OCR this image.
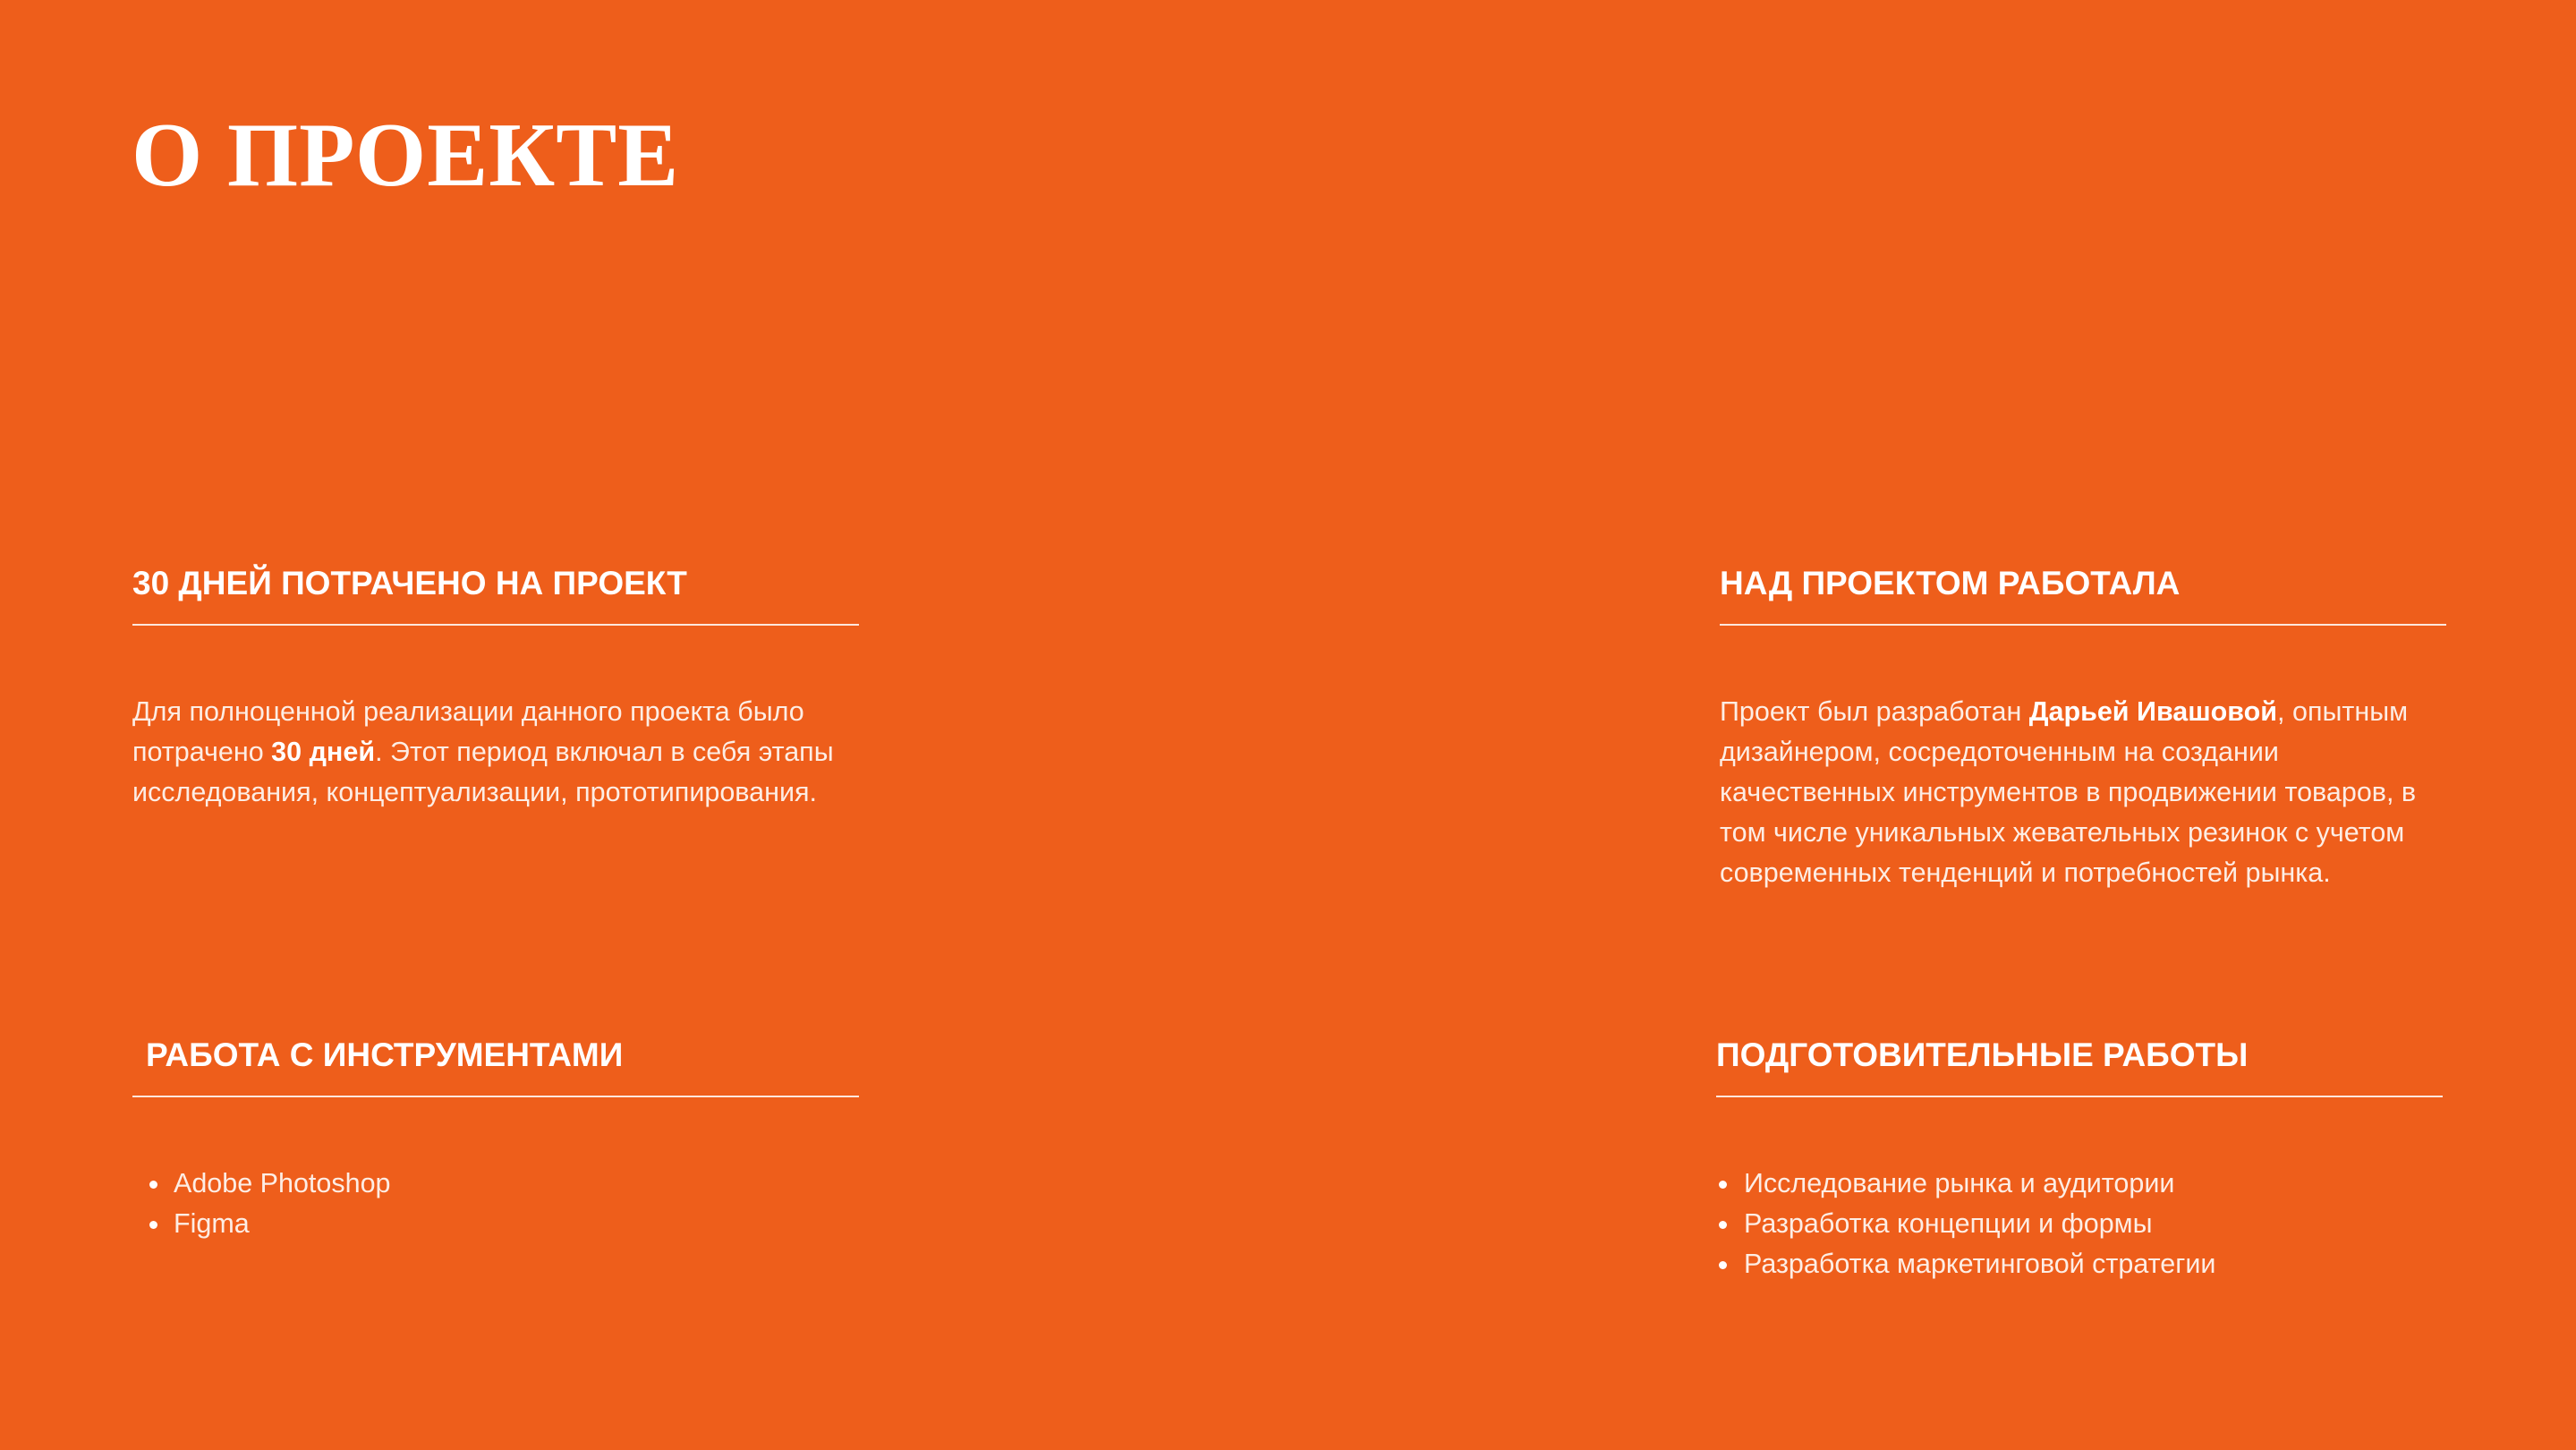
О ПРОЕКТЕ
30 ДНЕЙ ПОТРАЧЕНО НА ПРОЕКТ

Для полноценной реализации данного проекта было потрачено 30 дней. Этот период включал в себя этапы исследования, концептуализации, прототипирования.

НАД ПРОЕКТОМ РАБОТАЛА

Проект был разработан Дарьей Ивашовой, опытным дизайнером, сосредоточенным на создании качественных инструментов в продвижении товаров, в том числе уникальных жевательных резинок с учетом современных тенденций и потребностей рынка.

РАБОТА С ИНСТРУМЕНТАМИ
Adobe Photoshop
Figma
ПОДГОТОВИТЕЛЬНЫЕ РАБОТЫ
Исследование рынка и аудитории
Разработка концепции и формы
Разработка маркетинговой стратегии
